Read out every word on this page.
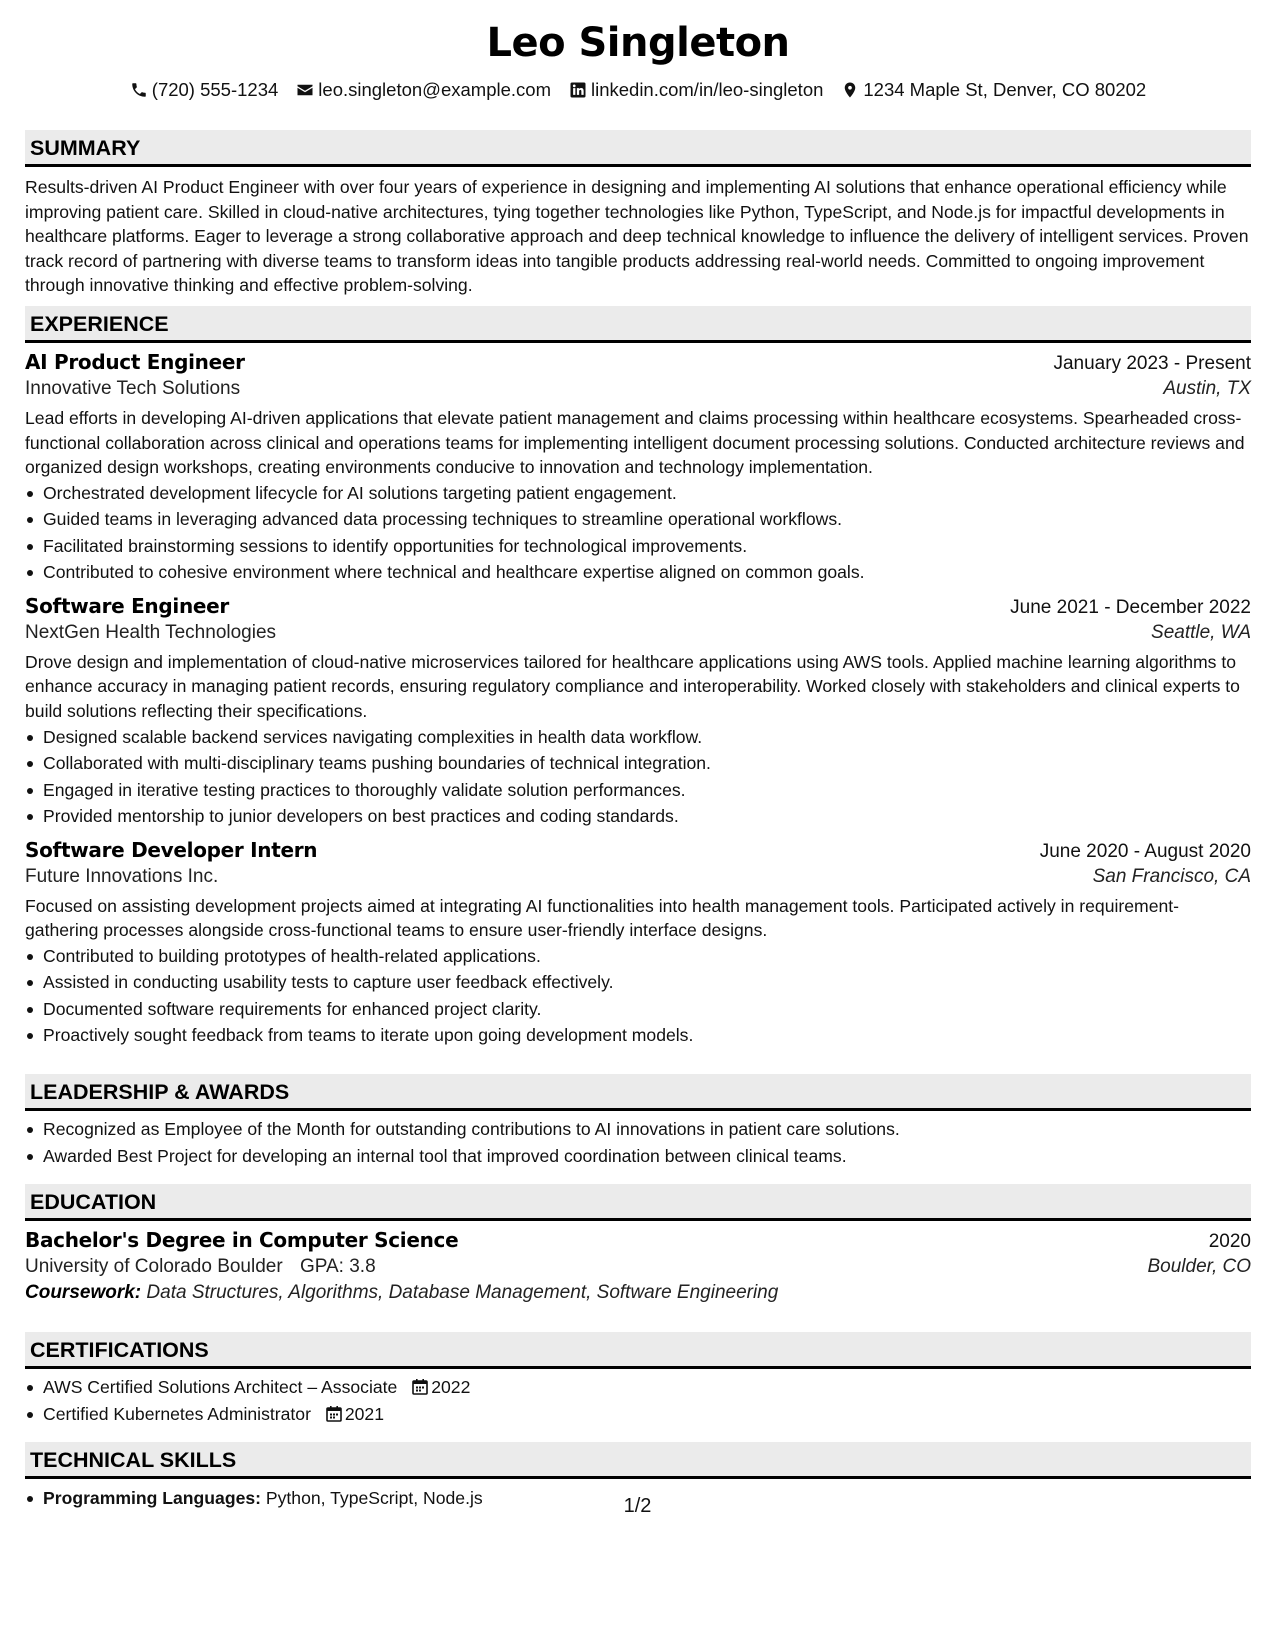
Leo Singleton
(720) 555-1234 leo.singleton@example.com linkedin.com/in/leo-singleton 1234 Maple St, Denver, CO 80202
SUMMARY

Results-driven AI Product Engineer with over four years of experience in designing and implementing AI solutions that enhance operational efficiency while improving patient care. Skilled in cloud-native architectures, tying together technologies like Python, TypeScript, and Node.js for impactful developments in healthcare platforms. Eager to leverage a strong collaborative approach and deep technical knowledge to influence the delivery of intelligent services. Proven track record of partnering with diverse teams to transform ideas into tangible products addressing real-world needs. Committed to ongoing improvement through innovative thinking and effective problem-solving.

EXPERIENCE
AI Product Engineer	January 2023 - Present
Innovative Tech Solutions	Austin, TX

Lead efforts in developing AI-driven applications that elevate patient management and claims processing within healthcare ecosystems. Spearheaded cross-functional collaboration across clinical and operations teams for implementing intelligent document processing solutions. Conducted architecture reviews and organized design workshops, creating environments conducive to innovation and technology implementation.

Orchestrated development lifecycle for AI solutions targeting patient engagement.
Guided teams in leveraging advanced data processing techniques to streamline operational workflows.
Facilitated brainstorming sessions to identify opportunities for technological improvements.
Contributed to cohesive environment where technical and healthcare expertise aligned on common goals.
Software Engineer	June 2021 - December 2022
NextGen Health Technologies	Seattle, WA

Drove design and implementation of cloud-native microservices tailored for healthcare applications using AWS tools. Applied machine learning algorithms to enhance accuracy in managing patient records, ensuring regulatory compliance and interoperability. Worked closely with stakeholders and clinical experts to build solutions reflecting their specifications.

Designed scalable backend services navigating complexities in health data workflow.
Collaborated with multi-disciplinary teams pushing boundaries of technical integration.
Engaged in iterative testing practices to thoroughly validate solution performances.
Provided mentorship to junior developers on best practices and coding standards.
Software Developer Intern	June 2020 - August 2020
Future Innovations Inc.	San Francisco, CA

Focused on assisting development projects aimed at integrating AI functionalities into health management tools. Participated actively in requirement-gathering processes alongside cross-functional teams to ensure user-friendly interface designs.

Contributed to building prototypes of health-related applications.
Assisted in conducting usability tests to capture user feedback effectively.
Documented software requirements for enhanced project clarity.
Proactively sought feedback from teams to iterate upon going development models.
LEADERSHIP & AWARDS
Recognized as Employee of the Month for outstanding contributions to AI innovations in patient care solutions.
Awarded Best Project for developing an internal tool that improved coordination between clinical teams.
EDUCATION
Bachelor's Degree in Computer Science	2020
University of Colorado Boulder GPA: 3.8	Boulder, CO
Coursework: Data Structures, Algorithms, Database Management, Software Engineering
CERTIFICATIONS
AWS Certified Solutions Architect – Associate 2022
Certified Kubernetes Administrator 2021
TECHNICAL SKILLS
Programming Languages: Python, TypeScript, Node.js	1/2
